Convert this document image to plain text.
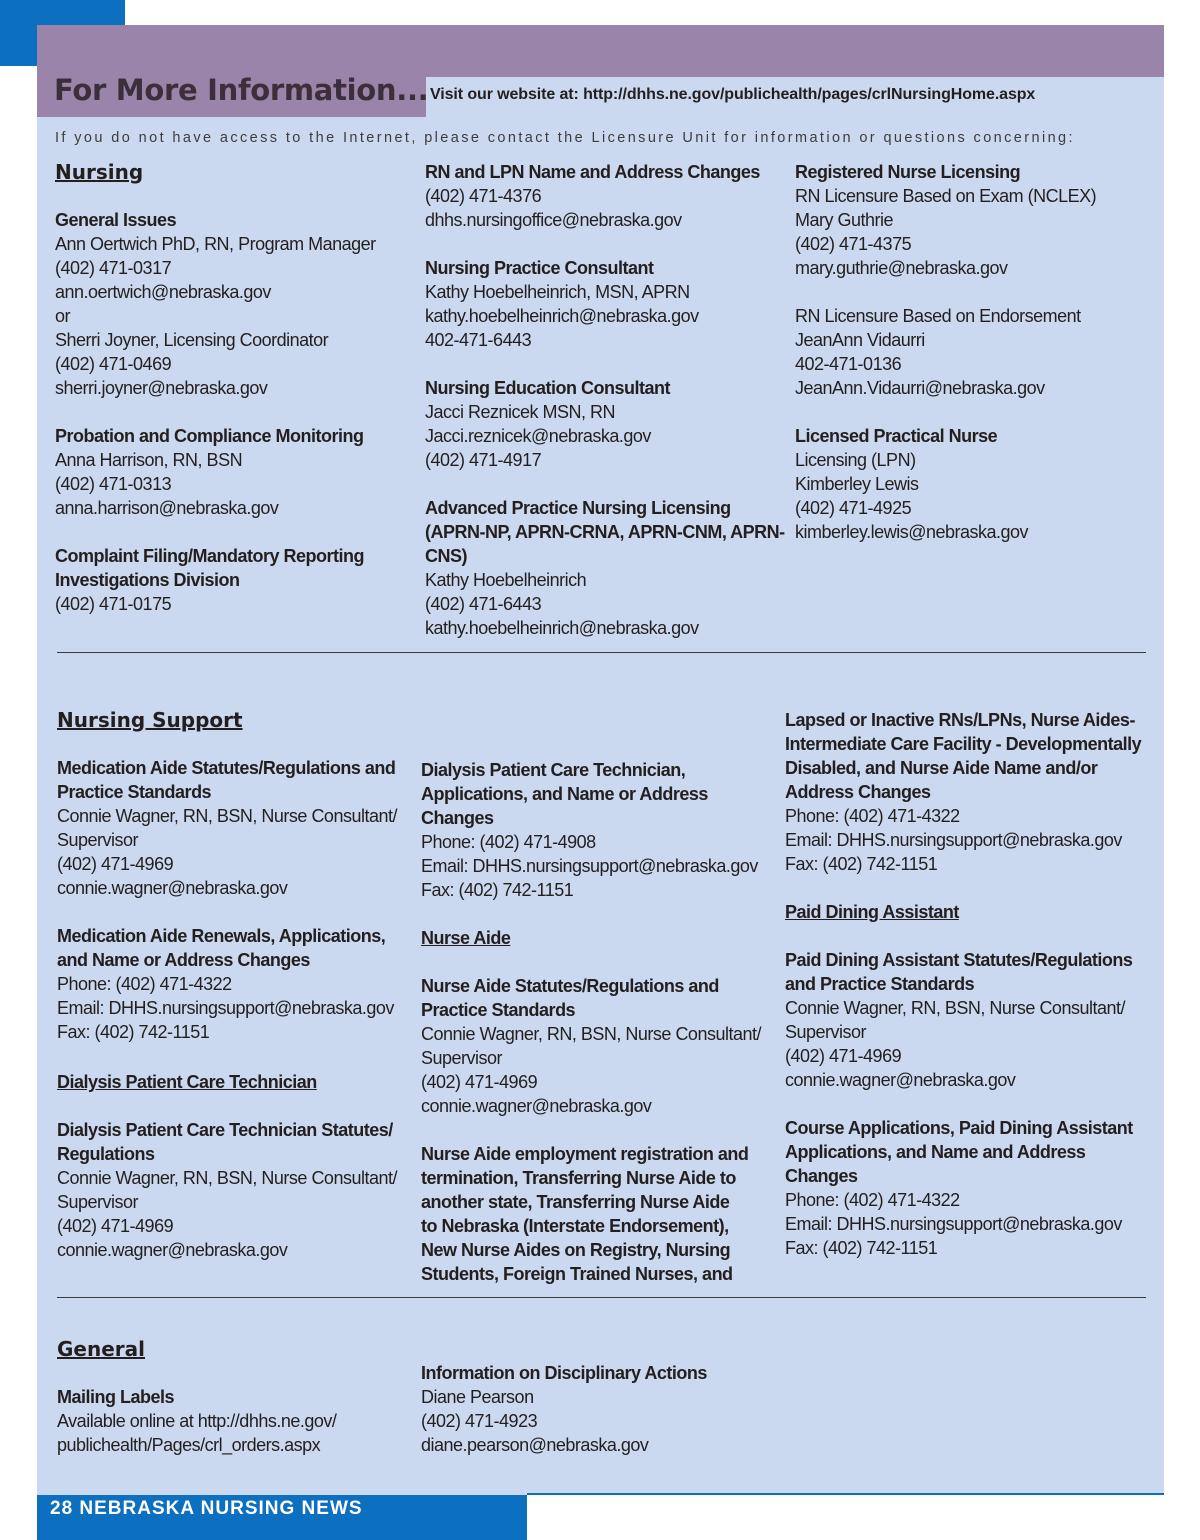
For More Information... Visit our website at: http://dhhs.ne.gov/publichealth/pages/crlNursingHome.aspx
If you do not have access to the Internet, please contact the Licensure Unit for information or questions concerning:

Nursing

General Issues

Ann Oertwich PhD, RN, Program Manager

(402) 471-0317

ann.oertwich@nebraska.gov

or

Sherri Joyner, Licensing Coordinator

(402) 471-0469

sherri.joyner@nebraska.gov

Probation and Compliance Monitoring

Anna Harrison, RN, BSN

(402) 471-0313

anna.harrison@nebraska.gov

Complaint Filing/Mandatory Reporting

Investigations Division

(402) 471-0175

RN and LPN Name and Address Changes

(402) 471-4376

dhhs.nursingoffice@nebraska.gov

Nursing Practice Consultant

Kathy Hoebelheinrich, MSN, APRN

kathy.hoebelheinrich@nebraska.gov

402-471-6443

Nursing Education Consultant

Jacci Reznicek MSN, RN

Jacci.reznicek@nebraska.gov

(402) 471-4917

Advanced Practice Nursing Licensing

(APRN-NP, APRN-CRNA, APRN-CNM, APRN-

CNS)

Kathy Hoebelheinrich

(402) 471-6443

kathy.hoebelheinrich@nebraska.gov

Registered Nurse Licensing

RN Licensure Based on Exam (NCLEX)

Mary Guthrie

(402) 471-4375

mary.guthrie@nebraska.gov

RN Licensure Based on Endorsement

JeanAnn Vidaurri

402-471-0136

JeanAnn.Vidaurri@nebraska.gov

Licensed Practical Nurse

Licensing (LPN)

Kimberley Lewis

(402) 471-4925

kimberley.lewis@nebraska.gov

Nursing Support

Medication Aide Statutes/Regulations and

Practice Standards

Connie Wagner, RN, BSN, Nurse Consultant/

Supervisor

(402) 471-4969

connie.wagner@nebraska.gov

Medication Aide Renewals, Applications,

and Name or Address Changes

Phone: (402) 471-4322

Email: DHHS.nursingsupport@nebraska.gov

Fax: (402) 742-1151

Dialysis Patient Care Technician

Dialysis Patient Care Technician Statutes/

Regulations

Connie Wagner, RN, BSN, Nurse Consultant/

Supervisor

(402) 471-4969

connie.wagner@nebraska.gov

Dialysis Patient Care Technician,

Applications, and Name or Address Changes

Phone: (402) 471-4908

Email: DHHS.nursingsupport@nebraska.gov

Fax: (402) 742-1151

Nurse Aide

Nurse Aide Statutes/Regulations and

Practice Standards

Connie Wagner, RN, BSN, Nurse Consultant/

Supervisor

(402) 471-4969

connie.wagner@nebraska.gov

Nurse Aide employment registration and

termination, Transferring Nurse Aide to

another state, Transferring Nurse Aide

to Nebraska (Interstate Endorsement),

New Nurse Aides on Registry, Nursing

Students, Foreign Trained Nurses, and

Lapsed or Inactive RNs/LPNs, Nurse Aides-

Intermediate Care Facility - Developmentally

Disabled, and Nurse Aide Name and/or

Address Changes

Phone: (402) 471-4322

Email: DHHS.nursingsupport@nebraska.gov

Fax: (402) 742-1151

Paid Dining Assistant

Paid Dining Assistant Statutes/Regulations

and Practice Standards

Connie Wagner, RN, BSN, Nurse Consultant/

Supervisor

(402) 471-4969

connie.wagner@nebraska.gov

Course Applications, Paid Dining Assistant

Applications, and Name and Address

Changes

Phone: (402) 471-4322

Email: DHHS.nursingsupport@nebraska.gov

Fax: (402) 742-1151

General

Mailing Labels

Available online at http://dhhs.ne.gov/

publichealth/Pages/crl_orders.aspx

Information on Disciplinary Actions

Diane Pearson

(402) 471-4923

diane.pearson@nebraska.gov

28 NEBRASKA NURSING NEWS
